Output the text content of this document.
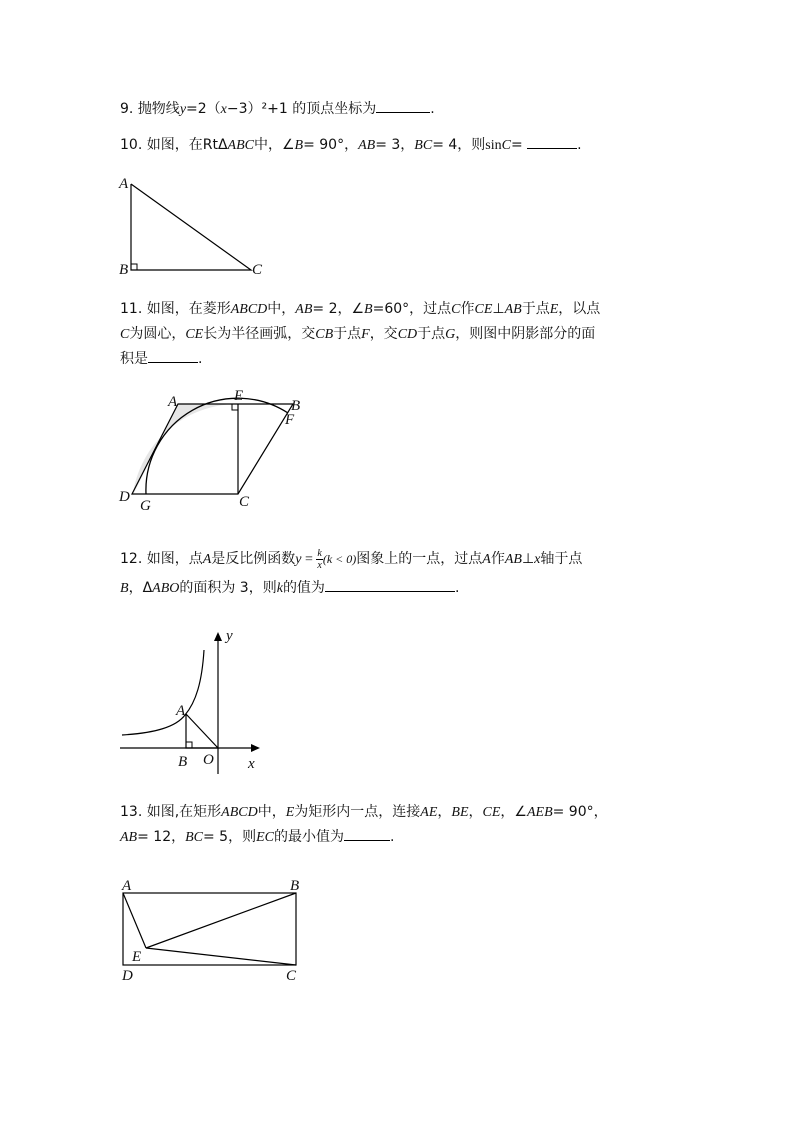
9. 抛物线y=2（x−3）²+1 的顶点坐标为	.
10. 如图，在RtΔABC中，∠B= 90°，AB= 3，BC= 4，则sinC=	.
A
B	C
11. 如图，在菱形ABCD中，AB= 2，∠B=60°，过点C作CE⊥AB于点E，以点
C为圆心，CE长为半径画弧，交CB于点F，交CD于点G，则图中阴影部分的面
积是	.
A	E
B
F
D
G	C
12. 如图，点A是反比例函数$y = \frac{k}{x} (k < 0)$图象上的一点，过点A作AB⊥x轴于点
B，ΔABO的面积为 3，则k的值为	.
y
A
B O x
13. 如图,在矩形ABCD中，E为矩形内一点，连接AE，BE，CE，∠AEB= 90°，
AB= 12，BC= 5，则EC的最小值为	.
A	B
E
D	C
